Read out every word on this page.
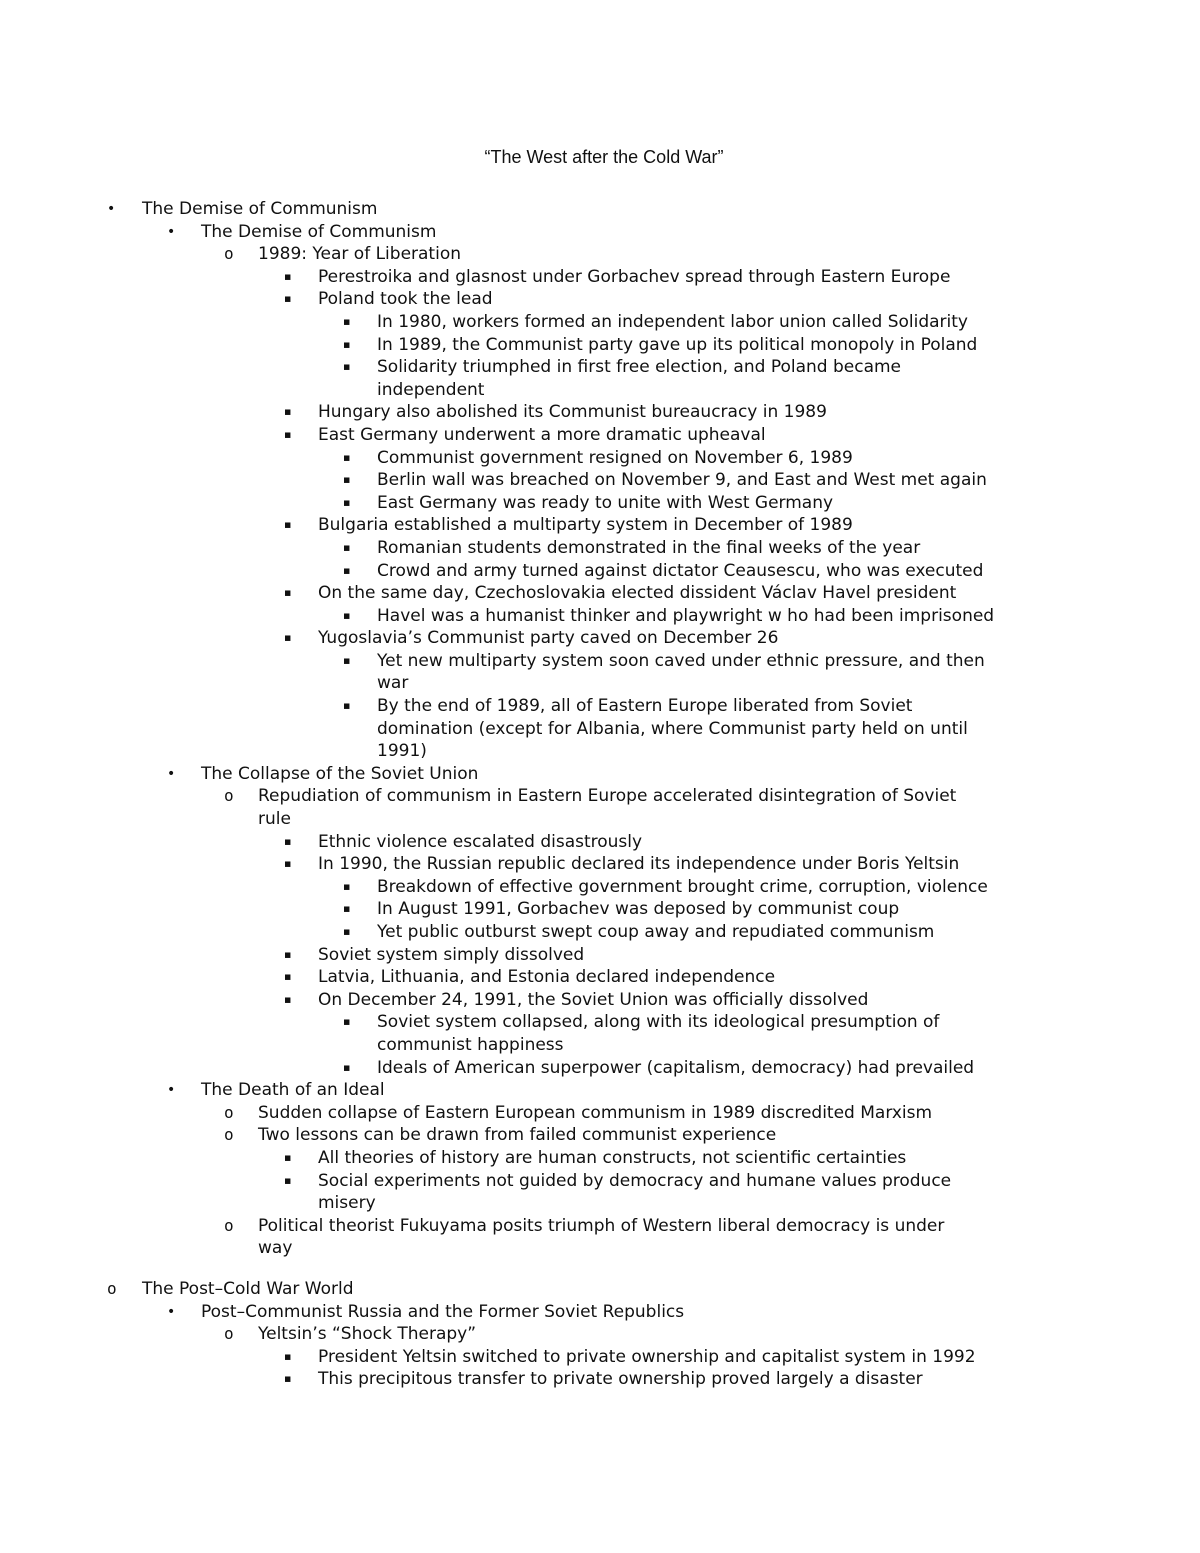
“The West after the Cold War”
• The Demise of Communism
• The Demise of Communism
o 1989: Year of Liberation
▪ Perestroika and glasnost under Gorbachev spread through Eastern Europe
▪ Poland took the lead
▪ In 1980, workers formed an independent labor union called Solidarity
▪ In 1989, the Communist party gave up its political monopoly in Poland
▪ Solidarity triumphed in first free election, and Poland became
independent
▪ Hungary also abolished its Communist bureaucracy in 1989
▪ East Germany underwent a more dramatic upheaval
▪ Communist government resigned on November 6, 1989
▪ Berlin wall was breached on November 9, and East and West met again
▪ East Germany was ready to unite with West Germany
▪ Bulgaria established a multiparty system in December of 1989
▪ Romanian students demonstrated in the final weeks of the year
▪ Crowd and army turned against dictator Ceausescu, who was executed
▪ On the same day, Czechoslovakia elected dissident Václav Havel president
▪ Havel was a humanist thinker and playwright w ho had been imprisoned
▪ Yugoslavia’s Communist party caved on December 26
▪ Yet new multiparty system soon caved under ethnic pressure, and then
war
▪ By the end of 1989, all of Eastern Europe liberated from Soviet
domination (except for Albania, where Communist party held on until
1991)
• The Collapse of the Soviet Union
o Repudiation of communism in Eastern Europe accelerated disintegration of Soviet
rule
▪ Ethnic violence escalated disastrously
▪ In 1990, the Russian republic declared its independence under Boris Yeltsin
▪ Breakdown of effective government brought crime, corruption, violence
▪ In August 1991, Gorbachev was deposed by communist coup
▪ Yet public outburst swept coup away and repudiated communism
▪ Soviet system simply dissolved
▪ Latvia, Lithuania, and Estonia declared independence
▪ On December 24, 1991, the Soviet Union was officially dissolved
▪ Soviet system collapsed, along with its ideological presumption of
communist happiness
▪ Ideals of American superpower (capitalism, democracy) had prevailed
• The Death of an Ideal
o Sudden collapse of Eastern European communism in 1989 discredited Marxism
o Two lessons can be drawn from failed communist experience
▪ All theories of history are human constructs, not scientific certainties
▪ Social experiments not guided by democracy and humane values produce
misery
o Political theorist Fukuyama posits triumph of Western liberal democracy is under
way
o The Post–Cold War World
• Post–Communist Russia and the Former Soviet Republics
o Yeltsin’s “Shock Therapy”
▪ President Yeltsin switched to private ownership and capitalist system in 1992
▪ This precipitous transfer to private ownership proved largely a disaster
